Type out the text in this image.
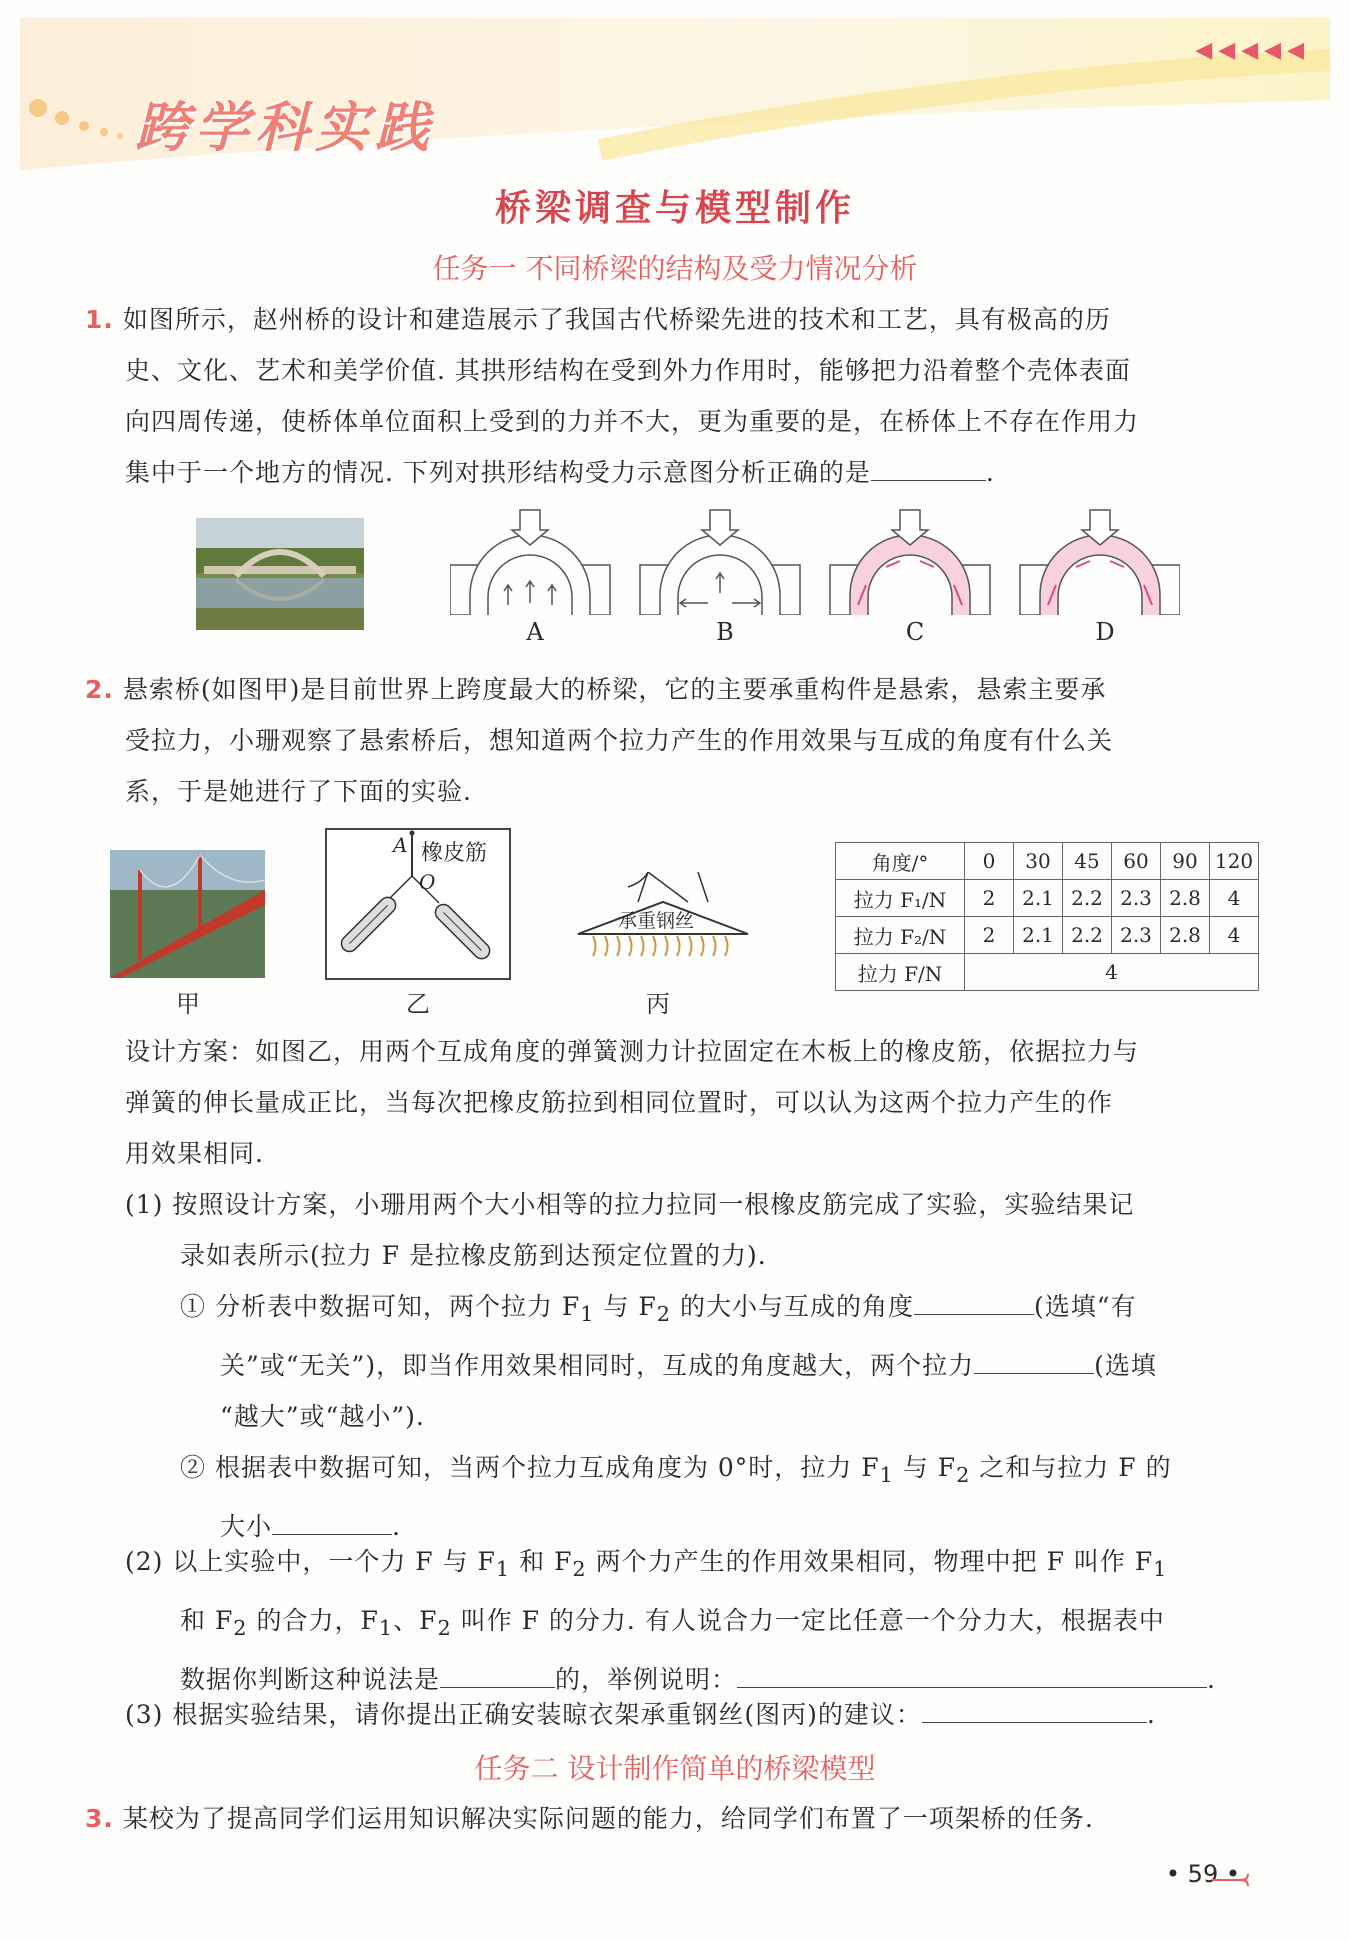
跨学科实践
◀◀◀◀◀
桥梁调查与模型制作
任务一 不同桥梁的结构及受力情况分析
1. 如图所示，赵州桥的设计和建造展示了我国古代桥梁先进的技术和工艺，具有极高的历
史、文化、艺术和美学价值. 其拱形结构在受到外力作用时，能够把力沿着整个壳体表面
向四周传递，使桥体单位面积上受到的力并不大，更为重要的是，在桥体上不存在作用力
集中于一个地方的情况. 下列对拱形结构受力示意图分析正确的是	.
A	B	C	D
2. 悬索桥(如图甲)是目前世界上跨度最大的桥梁，它的主要承重构件是悬索，悬索主要承
受拉力，小珊观察了悬索桥后，想知道两个拉力产生的作用效果与互成的角度有什么关
系，于是她进行了下面的实验.
A
O
橡皮筋
承重钢丝
甲	乙	丙
角度/°	0	30	45	60	90	120
拉力 F₁/N	2	2.1	2.2	2.3	2.8	4
拉力 F₂/N	2	2.1	2.2	2.3	2.8	4
拉力 F/N	4					
设计方案：如图乙，用两个互成角度的弹簧测力计拉固定在木板上的橡皮筋，依据拉力与
弹簧的伸长量成正比，当每次把橡皮筋拉到相同位置时，可以认为这两个拉力产生的作
用效果相同.
(1) 按照设计方案，小珊用两个大小相等的拉力拉同一根橡皮筋完成了实验，实验结果记
录如表所示(拉力 F 是拉橡皮筋到达预定位置的力).
① 分析表中数据可知，两个拉力 $F_1$ 与 $F_2$ 的大小与互成的角度	(选填“有
关”或“无关”)，即当作用效果相同时，互成的角度越大，两个拉力	(选填
“越大”或“越小”).
② 根据表中数据可知，当两个拉力互成角度为 0°时，拉力 $F_1$ 与 $F_2$ 之和与拉力 F 的
大小	.
(2) 以上实验中，一个力 F 与 $F_1$ 和 $F_2$ 两个力产生的作用效果相同，物理中把 F 叫作 $F_1$
和 $F_2$ 的合力，$F_1$、$F_2$ 叫作 F 的分力. 有人说合力一定比任意一个分力大，根据表中
数据你判断这种说法是	的，举例说明：	.
(3) 根据实验结果，请你提出正确安装晾衣架承重钢丝(图丙)的建议：	.
任务二 设计制作简单的桥梁模型
3. 某校为了提高同学们运用知识解决实际问题的能力，给同学们布置了一项架桥的任务.
• 59 •
